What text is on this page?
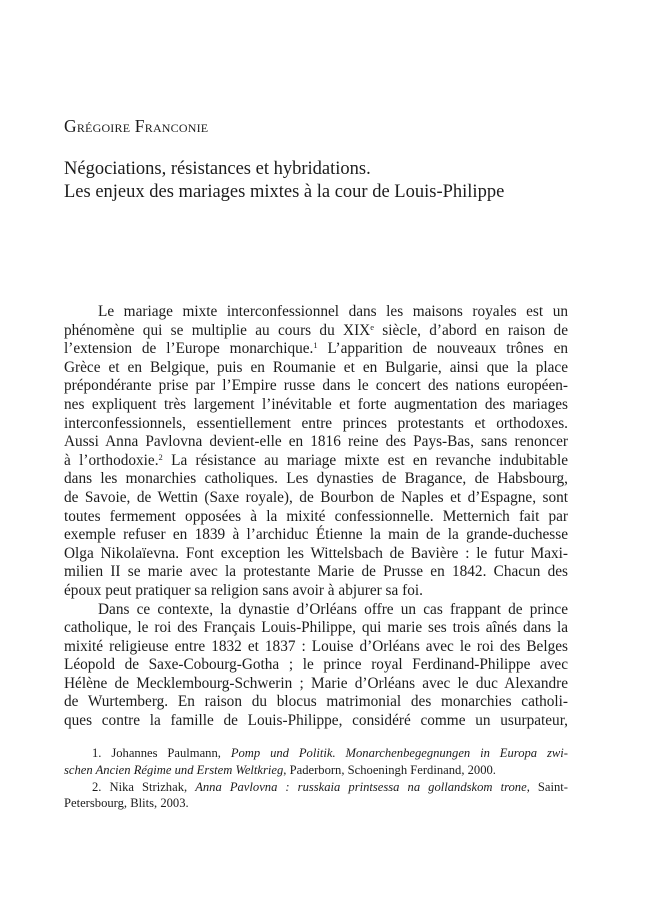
Grégoire Franconie
Négociations, résistances et hybridations.
Les enjeux des mariages mixtes à la cour de Louis-Philippe
Le mariage mixte interconfessionnel dans les maisons royales est un
phénomène qui se multiplie au cours du XIXe siècle, d’abord en raison de
l’extension de l’Europe monarchique.$^1$ L’apparition de nouveaux trônes en
Grèce et en Belgique, puis en Roumanie et en Bulgarie, ainsi que la place
prépondérante prise par l’Empire russe dans le concert des nations européen-
nes expliquent très largement l’inévitable et forte augmentation des mariages
interconfessionnels, essentiellement entre princes protestants et orthodoxes.
Aussi Anna Pavlovna devient-elle en 1816 reine des Pays-Bas, sans renoncer
à l’orthodoxie.$^2$ La résistance au mariage mixte est en revanche indubitable
dans les monarchies catholiques. Les dynasties de Bragance, de Habsbourg,
de Savoie, de Wettin (Saxe royale), de Bourbon de Naples et d’Espagne, sont
toutes fermement opposées à la mixité confessionnelle. Metternich fait par
exemple refuser en 1839 à l’archiduc Étienne la main de la grande-duchesse
Olga Nikolaïevna. Font exception les Wittelsbach de Bavière : le futur Maxi-
milien II se marie avec la protestante Marie de Prusse en 1842. Chacun des
époux peut pratiquer sa religion sans avoir à abjurer sa foi.
Dans ce contexte, la dynastie d’Orléans offre un cas frappant de prince
catholique, le roi des Français Louis-Philippe, qui marie ses trois aînés dans la
mixité religieuse entre 1832 et 1837 : Louise d’Orléans avec le roi des Belges
Léopold de Saxe-Cobourg-Gotha ; le prince royal Ferdinand-Philippe avec
Hélène de Mecklembourg-Schwerin ; Marie d’Orléans avec le duc Alexandre
de Wurtemberg. En raison du blocus matrimonial des monarchies catholi-
ques contre la famille de Louis-Philippe, considéré comme un usurpateur,
1. Johannes Paulmann, Pomp und Politik. Monarchenbegegnungen in Europa zwi-
schen Ancien Régime und Erstem Weltkrieg, Paderborn, Schoeningh Ferdinand, 2000.
2. Nika Strizhak, Anna Pavlovna : russkaia printsessa na gollandskom trone, Saint-
Petersbourg, Blits, 2003.
